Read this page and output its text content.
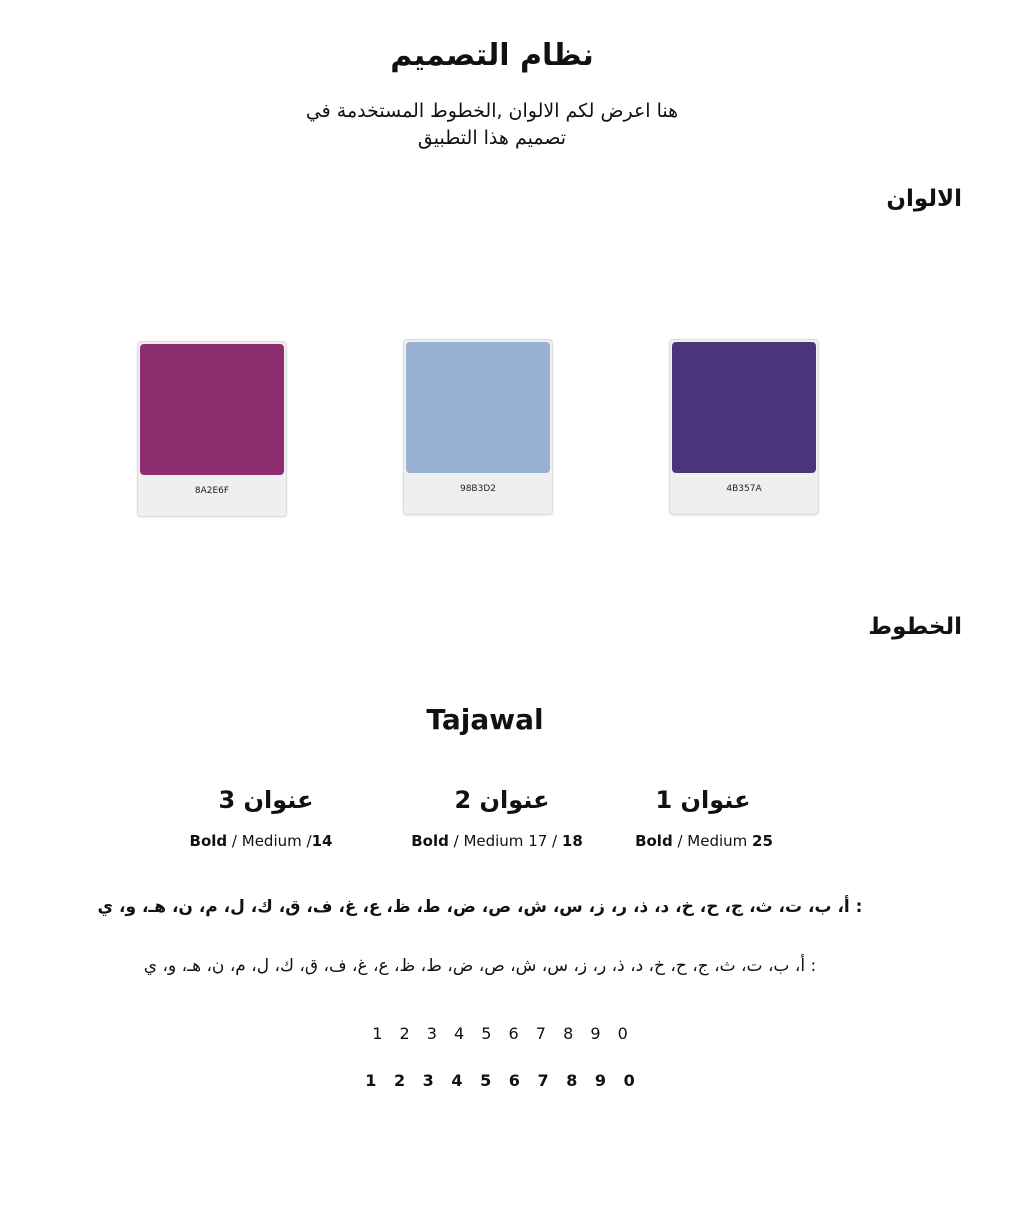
نظام التصميم
هنا اعرض لكم الالوان ,الخطوط المستخدمة في
تصميم هذا التطبيق
الالوان
8A2E6F	98B3D2	4B357A
الخطوط
Tajawal
عنوان 1
عنوان 2
عنوان 3
Bold / Medium 25
Bold / Medium 17 / 18
Bold / Medium /14
: أ، ب، ت، ث، ج، ح، خ، د، ذ، ر، ز، س، ش، ص، ض، ط، ظ، ع، غ، ف، ق، ك، ل، م، ن، هـ، و، ي
: أ، ب، ت، ث، ج، ح، خ، د، ذ، ر، ز، س، ش، ص، ض، ط، ظ، ع، غ، ف، ق، ك، ل، م، ن، هـ، و، ي
1 2 3 4 5 6 7 8 9 0
1 2 3 4 5 6 7 8 9 0
